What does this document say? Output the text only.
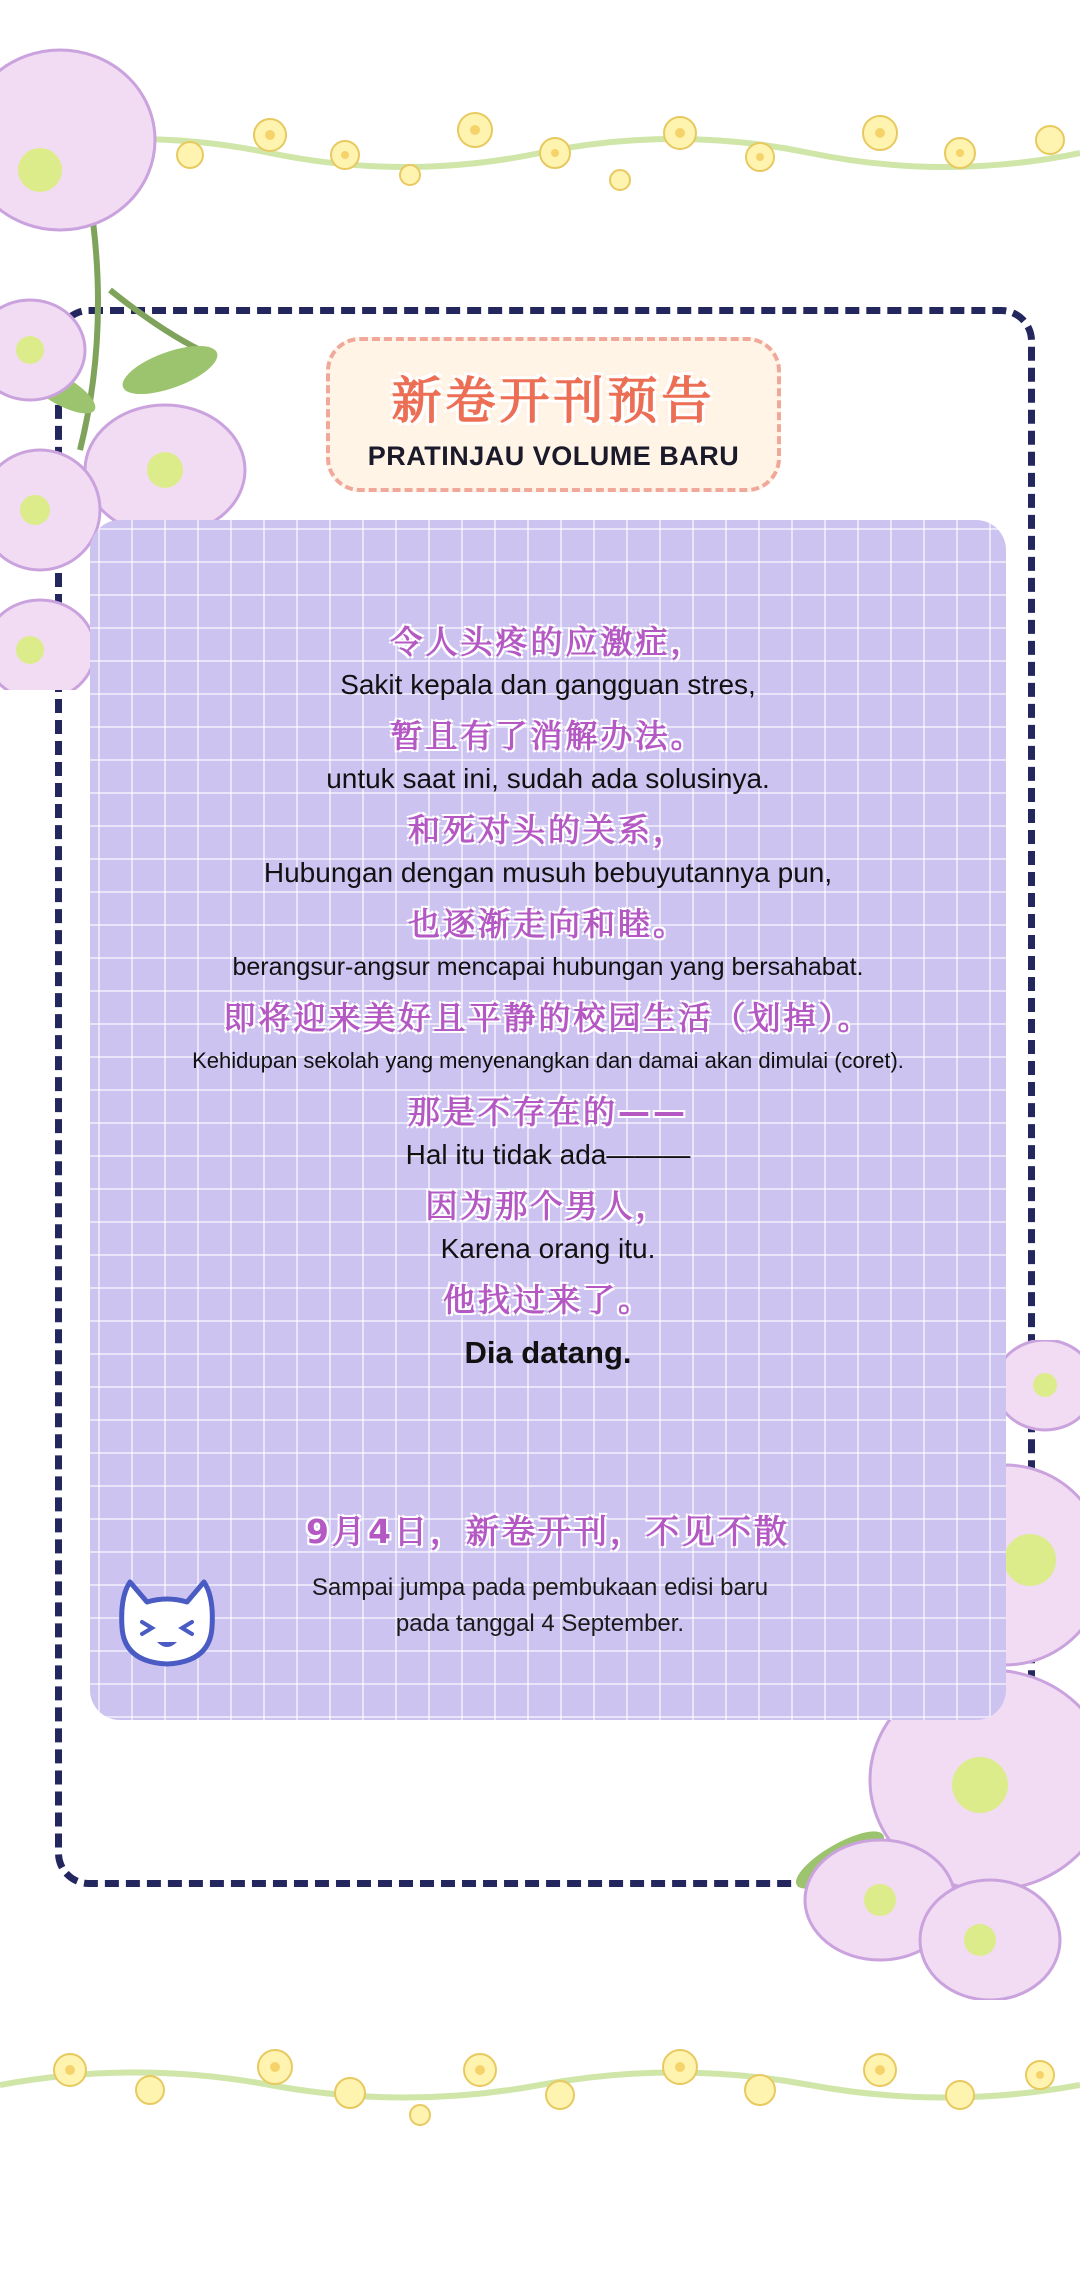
新卷开刊预告
PRATINJAU VOLUME BARU
令人头疼的应激症，
Sakit kepala dan gangguan stres,
暂且有了消解办法。
untuk saat ini, sudah ada solusinya.
和死对头的关系，
Hubungan dengan musuh bebuyutannya pun,
也逐渐走向和睦。
berangsur-angsur mencapai hubungan yang bersahabat.
即将迎来美好且平静的校园生活（划掉）。
Kehidupan sekolah yang menyenangkan dan damai akan dimulai (coret).
那是不存在的——
Hal itu tidak ada———
因为那个男人，
Karena orang itu.
他找过来了。
Dia datang.
9月4日，新卷开刊，不见不散
Sampai jumpa pada pembukaan edisi baru
pada tanggal 4 September.
